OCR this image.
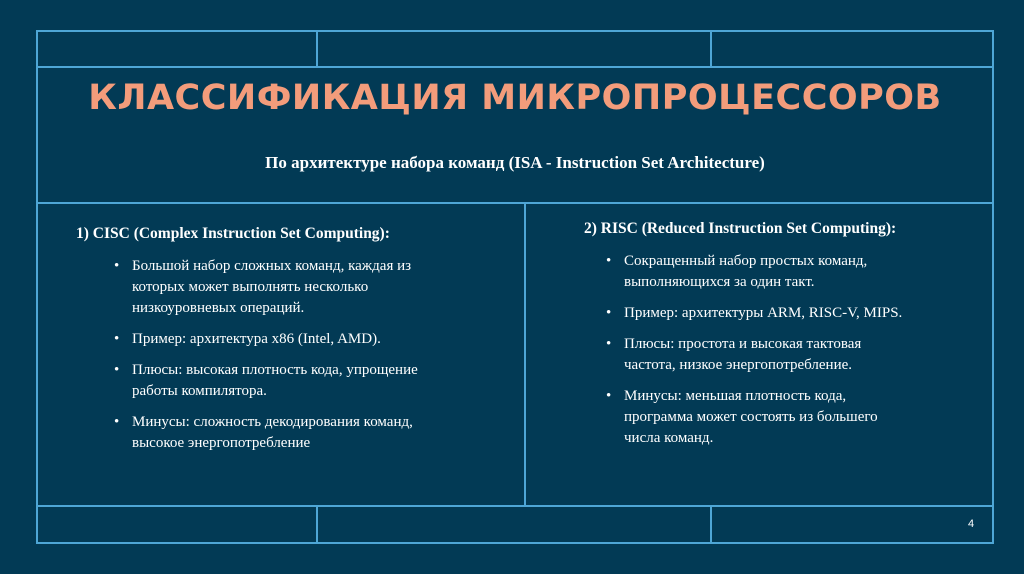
КЛАССИФИКАЦИЯ МИКРОПРОЦЕССОРОВ
По архитектуре набора команд (ISA - Instruction Set Architecture)
1) CISC (Complex Instruction Set Computing):
• Большой набор сложных команд, каждая из которых может выполнять несколько низкоуровневых операций.
• Пример: архитектура x86 (Intel, AMD).
• Плюсы: высокая плотность кода, упрощение работы компилятора.
• Минусы: сложность декодирования команд, высокое энергопотребление
2) RISC (Reduced Instruction Set Computing):
• Сокращенный набор простых команд, выполняющихся за один такт.
• Пример: архитектуры ARM, RISC-V, MIPS.
• Плюсы: простота и высокая тактовая частота, низкое энергопотребление.
• Минусы: меньшая плотность кода, программа может состоять из большего числа команд.
4
